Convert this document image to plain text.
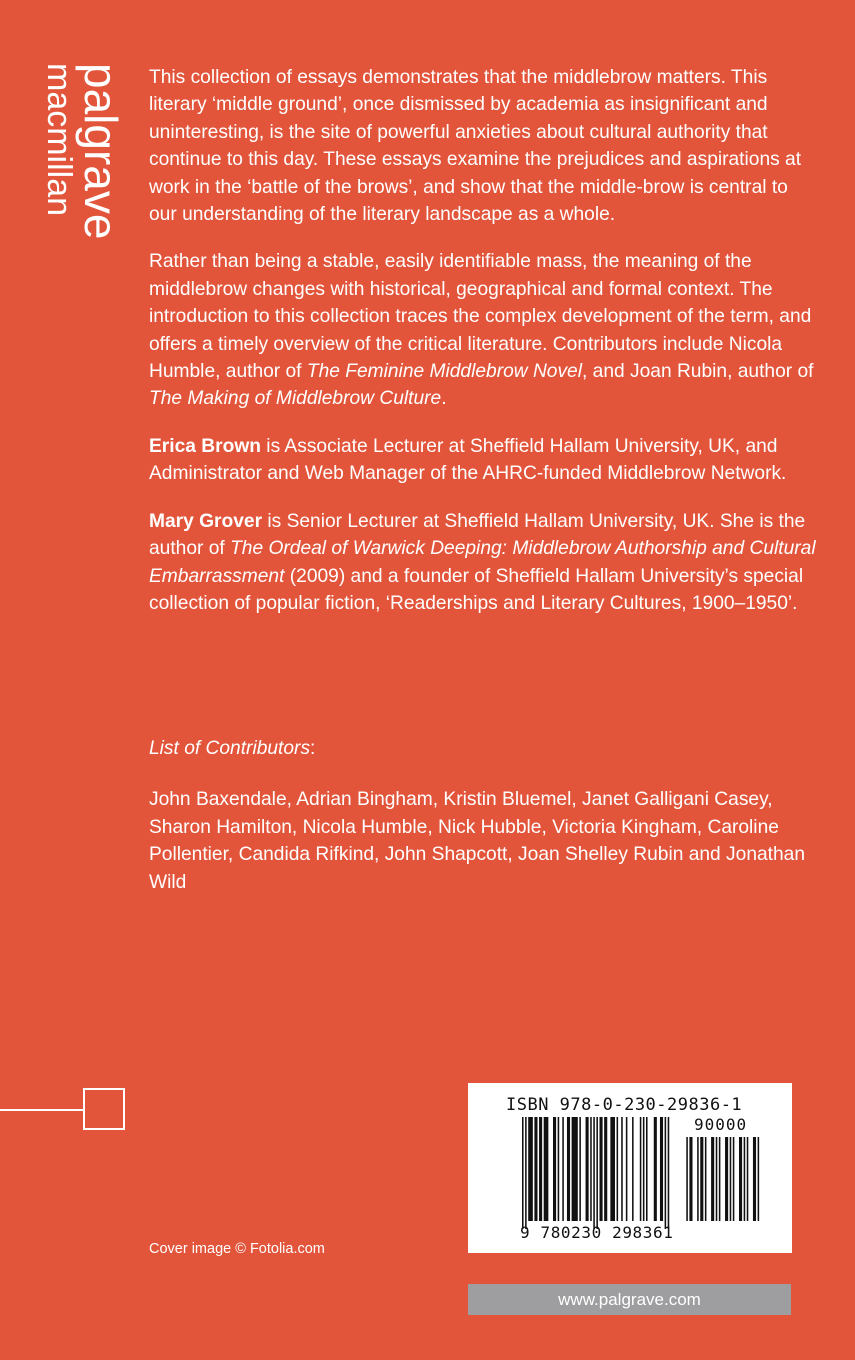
palgrave
macmillan	This collection of essays demonstrates that the middlebrow matters. This literary ‘middle ground’, once dismissed by academia as insignificant and uninteresting, is the site of powerful anxieties about cultural authority that continue to this day. These essays examine the prejudices and aspirations at work in the ‘battle of the brows’, and show that the middle-brow is central to our understanding of the literary landscape as a whole.

Rather than being a stable, easily identifiable mass, the meaning of the middlebrow changes with historical, geographical and formal context. The introduction to this collection traces the complex development of the term, and offers a timely overview of the critical literature. Contributors include Nicola Humble, author of The Feminine Middlebrow Novel, and Joan Rubin, author of The Making of Middlebrow Culture.

Erica Brown is Associate Lecturer at Sheffield Hallam University, UK, and Administrator and Web Manager of the AHRC-funded Middlebrow Network.

Mary Grover is Senior Lecturer at Sheffield Hallam University, UK. She is the author of The Ordeal of Warwick Deeping: Middlebrow Authorship and Cultural Embarrassment (2009) and a founder of Sheffield Hallam University’s special collection of popular fiction, ‘Readerships and Literary Cultures, 1900–1950’.

List of Contributors:

John Baxendale, Adrian Bingham, Kristin Bluemel, Janet Galligani Casey, Sharon Hamilton, Nicola Humble, Nick Hubble, Victoria Kingham, Caroline Pollentier, Candida Rifkind, John Shapcott, Joan Shelley Rubin and Jonathan Wild

Cover image © Fotolia.com
ISBN 978-0-230-29836-1
90000
9 780230 298361
www.palgrave.com
